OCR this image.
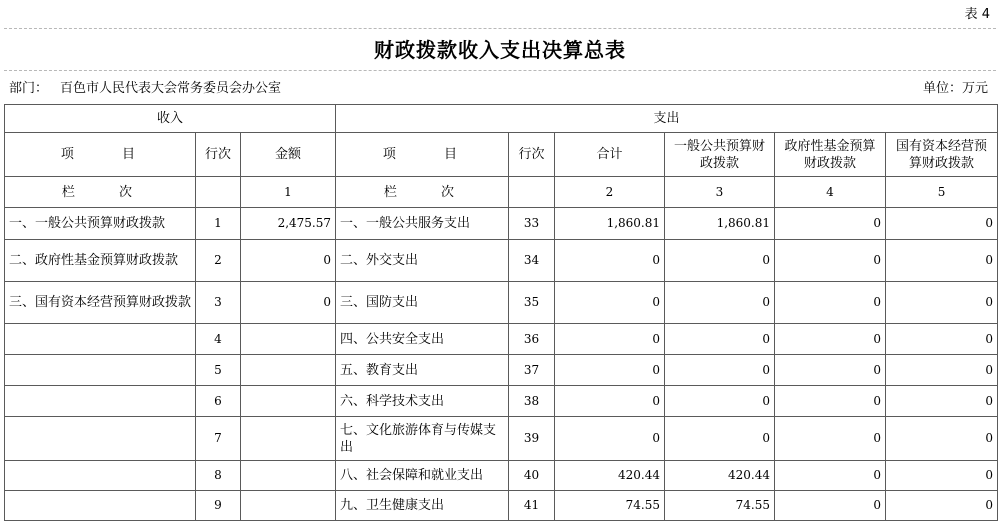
表 4
财政拨款收入支出决算总表
部门： 百色市人民代表大会常务委员会办公室	单位：万元
收入			支出					
项 目	行次	金额	项 目	行次	合计	一般公共预算财政拨款	政府性基金预算财政拨款	国有资本经营预算财政拨款
栏 次		1	栏 次		2	3	4	5
一、一般公共预算财政拨款	1	2,475.57	一、一般公共服务支出	33	1,860.81	1,860.81	0	0
二、政府性基金预算财政拨款	2	0	二、外交支出	34	0	0	0	0
三、国有资本经营预算财政拨款	3	0	三、国防支出	35	0	0	0	0
	4		四、公共安全支出	36	0	0	0	0
	5		五、教育支出	37	0	0	0	0
	6		六、科学技术支出	38	0	0	0	0
	7		七、文化旅游体育与传媒支出	39	0	0	0	0
	8		八、社会保障和就业支出	40	420.44	420.44	0	0
	9		九、卫生健康支出	41	74.55	74.55	0	0
